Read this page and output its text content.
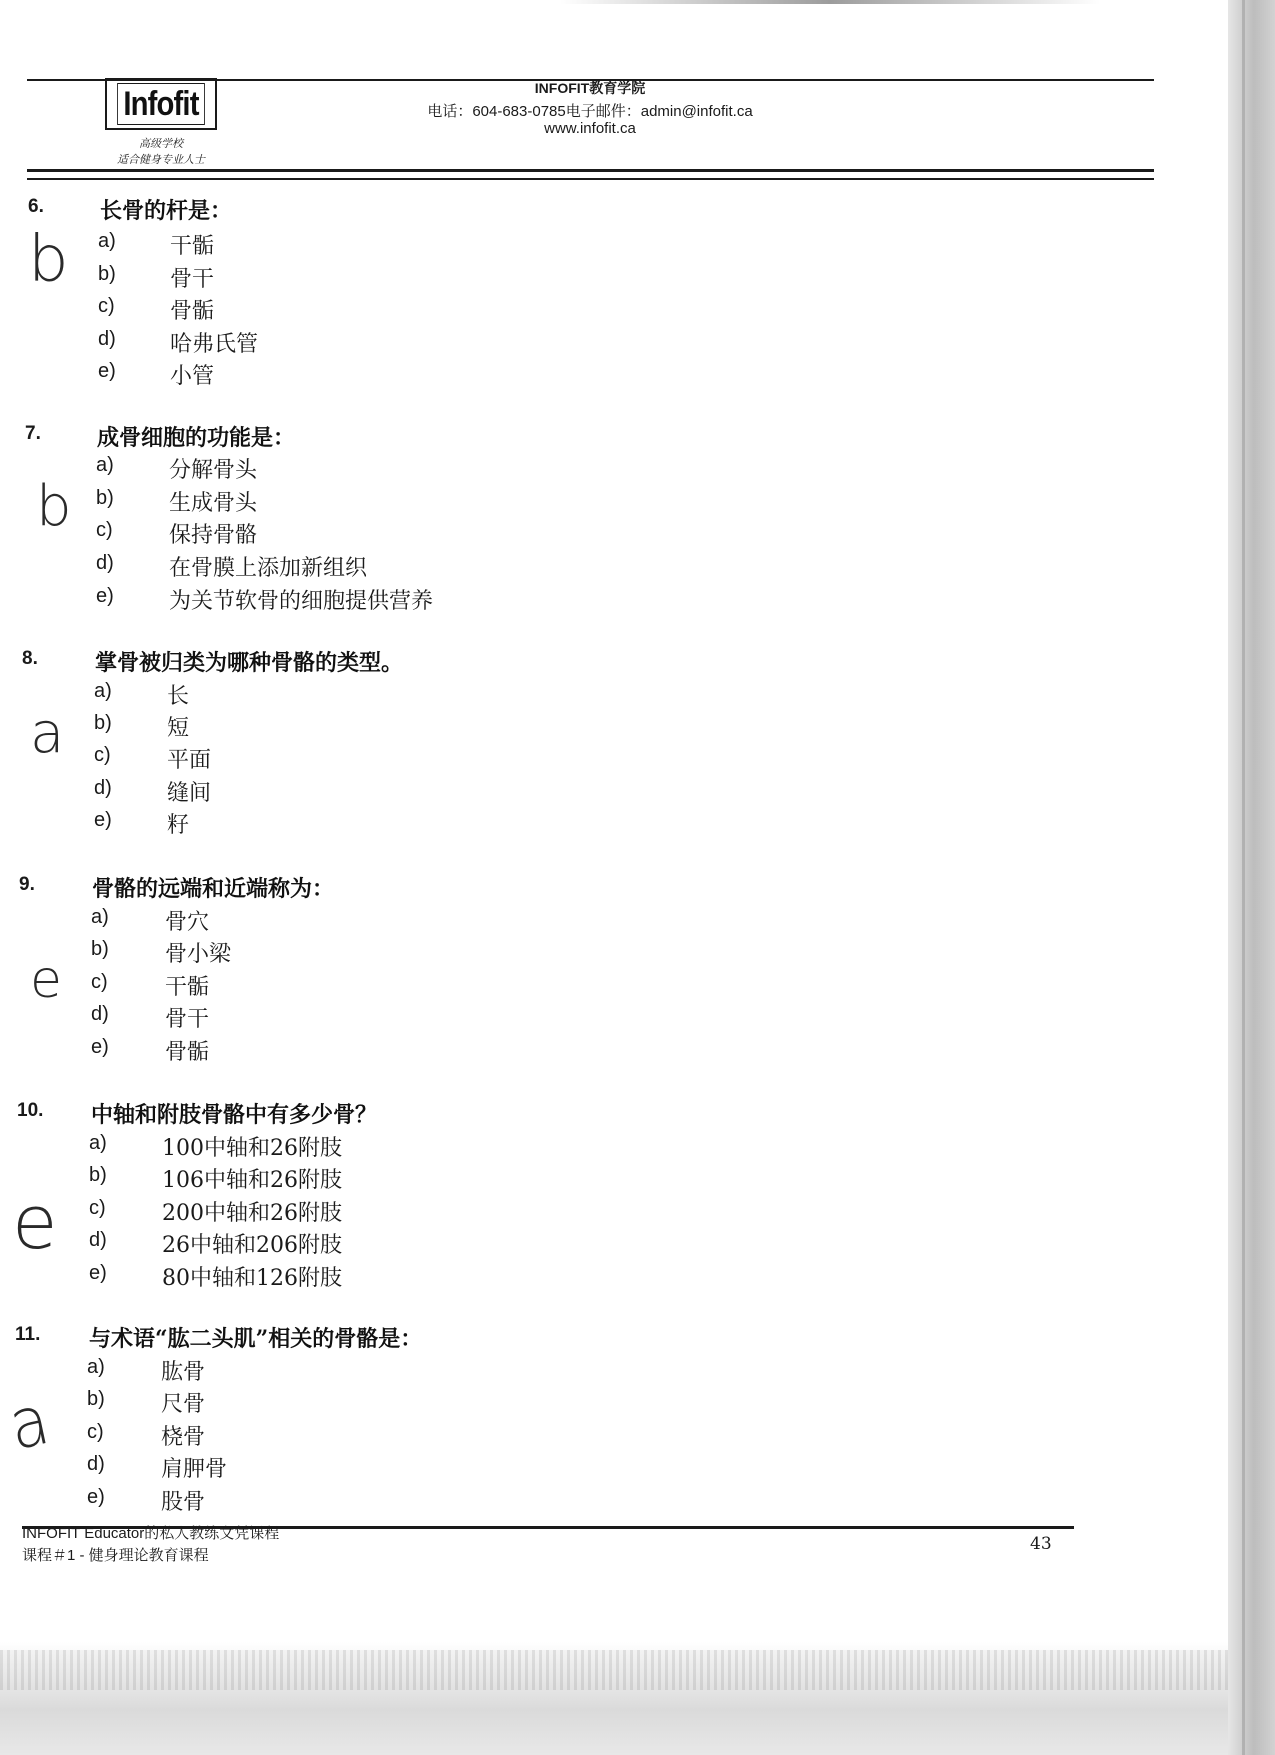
Infofit
高级学校
适合健身专业人士
INFOFIT教育学院
电话：604-683-0785电子邮件：admin@infofit.ca
www.infofit.ca
6.	长骨的杆是：
a) 干骺
b) 骨干
c)	骨骺
d) 哈弗氏管
e) 小管
b
7.	成骨细胞的功能是：
a)	分解骨头
b)	生成骨头
c)	保持骨骼
d)	在骨膜上添加新组织
e)	为关节软骨的细胞提供营养
b
8.	掌骨被归类为哪种骨骼的类型。
a)	长
b)	短
c)	平面
d)	缝间
e)	籽
a
9.	骨骼的远端和近端称为：
a)	骨穴
b)	骨小梁
c)	干骺
d)	骨干
e)	骨骺
e
10. 中轴和附肢骨骼中有多少骨？
a)	100中轴和26附肢
b)	106中轴和26附肢
c)	200中轴和26附肢
d)	26中轴和206附肢
e)	80中轴和126附肢
e
11. 与术语“肱二头肌”相关的骨骼是：
a)	肱骨
b)	尺骨
c)	桡骨
d)	肩胛骨
e)	股骨
a
INFOFIT Educator的私人教练文凭课程
课程＃1 - 健身理论教育课程
43
